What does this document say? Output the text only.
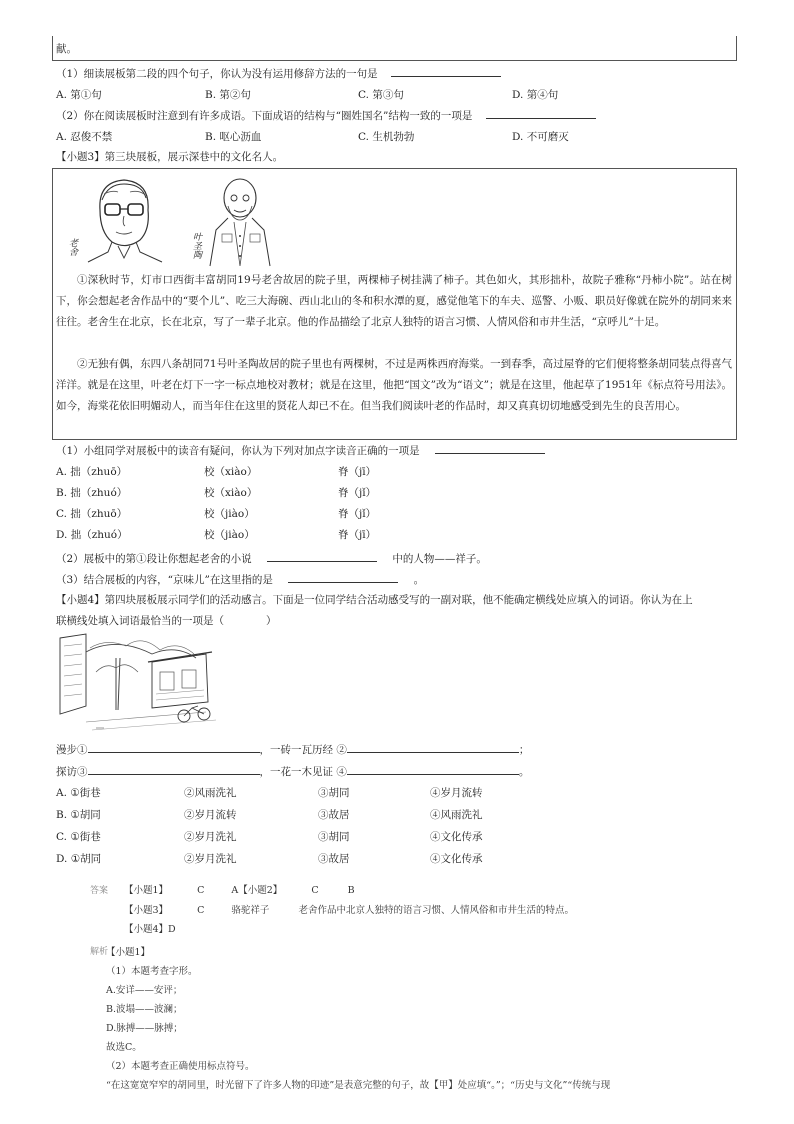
献。
（1）细读展板第二段的四个句子，你认为没有运用修辞方法的一句是
A. 第①句	B. 第②句	C. 第③句	D. 第④句
（2）你在阅读展板时注意到有许多成语。下面成语的结构与“圈姓国名”结构一致的一项是
A. 忍俊不禁	B. 呕心沥血	C. 生机勃勃	D. 不可磨灭
【小题3】第三块展板，展示深巷中的文化名人。
老舍	叶圣陶
①深秋时节，灯市口西街丰富胡同19号老舍故居的院子里，两棵柿子树挂满了柿子。其色如火，其形拙朴，故院子雅称“丹柿小院”。站在树下，你会想起老舍作品中的“要个儿”、吃三大海碗、西山北山的冬和积水潭的夏，感觉他笔下的车夫、巡警、小贩、职员好像就在院外的胡同来来往往。老舍生在北京，长在北京，写了一辈子北京。他的作品描绘了北京人独特的语言习惯、人情风俗和市井生活，“京呼儿”十足。
②无独有偶，东四八条胡同71号叶圣陶故居的院子里也有两棵树，不过是两株西府海棠。一到春季，高过屋脊的它们便将整条胡同装点得喜气洋洋。就是在这里，叶老在灯下一字一标点地校对教材；就是在这里，他把“国文”改为“语文”；就是在这里，他起草了1951年《标点符号用法》。如今，海棠花依旧明媚动人，而当年住在这里的贤花人却已不在。但当我们阅读叶老的作品时，却又真真切切地感受到先生的良苦用心。
（1）小组同学对展板中的读音有疑问，你认为下列对加点字读音正确的一项是
A. 拙（zhuō）	校（xiào）	脊（jī）
B. 拙（zhuó）	校（xiào）	脊（jǐ）
C. 拙（zhuō）	校（jiào）	脊（jǐ）
D. 拙（zhuó）	校（jiào）	脊（jī）
（2）展板中的第①段让你想起老舍的小说	中的人物——祥子。
（3）结合展板的内容，“京味儿”在这里指的是	。
【小题4】第四块展板展示同学们的活动感言。下面是一位同学结合活动感受写的一副对联，他不能确定横线处应填入的词语。你认为在上
联横线处填入词语最恰当的一项是（　　　　）
漫步①	，一砖一瓦历经 ②	；
探访③	，一花一木见证 ④	。
A. ①街巷	②风雨洗礼	③胡同	④岁月流转
B. ①胡同	②岁月流转	③故居	④风雨洗礼
C. ①街巷	②岁月洗礼	③胡同	④文化传承
D. ①胡同	②岁月洗礼	③故居	④文化传承
答案 【小题1】	C	A【小题2】	C	B
【小题3】	C	骆驼祥子	老舍作品中北京人独特的语言习惯、人情风俗和市井生活的特点。
【小题4】D
解析
【小题1】
（1）本题考查字形。
A.安详——安评；
B.波塌——波澜；
D.脉搏——脉搏；
故选C。
（2）本题考查正确使用标点符号。
“在这宽宽窄窄的胡同里，时光留下了许多人物的印迹”是表意完整的句子，故【甲】处应填“。”；“历史与文化”“传统与现
